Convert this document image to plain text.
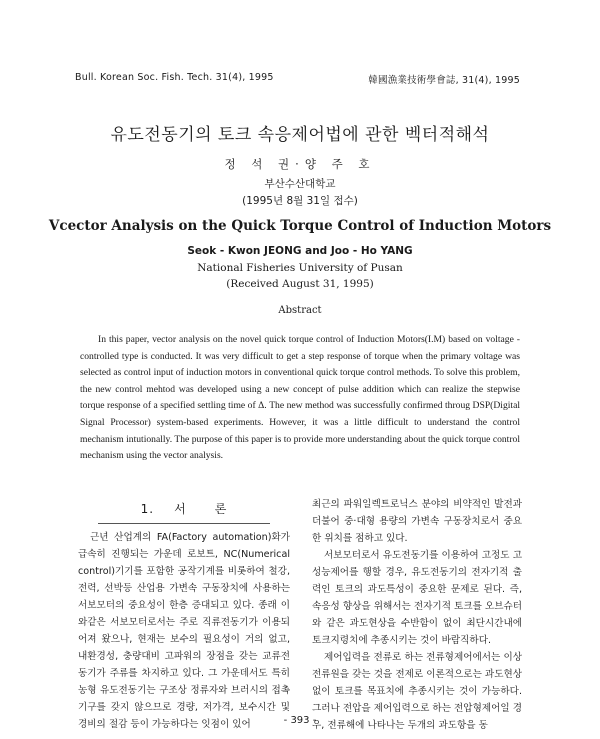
Bull. Korean Soc. Fish. Tech. 31(4), 1995	韓國漁業技術學會誌, 31(4), 1995
유도전동기의 토크 속응제어법에 관한 벡터적해석
정 석 권·양 주 호
부산수산대학교
(1995년 8월 31일 접수)
Vcector Analysis on the Quick Torque Control of Induction Motors
Seok - Kwon JEONG and Joo - Ho YANG
National Fisheries University of Pusan
(Received August 31, 1995)
Abstract
In this paper, vector analysis on the novel quick torque control of Induction Motors(I.M) based on voltage - controlled type is conducted. It was very difficult to get a step response of torque when the primary voltage was selected as control input of induction motors in conventional quick torque control methods. To solve this problem, the new control mehtod was developed using a new concept of pulse addition which can realize the stepwise torque response of a specified settling time of Δ. The new method was successfully confirmed throug DSP(Digital Signal Processor) system-based experiments. However, it was a little difficult to understand the control mechanism intutionally. The purpose of this paper is to provide more understanding about the quick torque control mechanism using the vector analysis.
1. 서 론

근년 산업계의 FA(Factory automation)화가 급속히 진행되는 가운데 로보트, NC(Numerical control)기기를 포함한 공작기계를 비롯하여 철강, 전력, 선박등 산업용 가변속 구동장치에 사용하는 서보모터의 중요성이 한층 증대되고 있다. 종래 이와같은 서보모터로서는 주로 직류전동기가 이용되어져 왔으나, 현재는 보수의 필요성이 거의 없고, 내환경성, 충량대비 고파워의 장점을 갖는 교류전동기가 주류를 차지하고 있다. 그 가운데서도 특히 농형 유도전동기는 구조상 정류자와 브러시의 접촉기구를 갖지 않으므로 경량, 저가격, 보수시간 및 경비의 절감 등이 가능하다는 잇점이 있어

최근의 파워일렉트로닉스 분야의 비약적인 발전과 더불어 중·대형 용량의 가변속 구동장치로서 중요한 위치를 점하고 있다.

서보모터로서 유도전동기를 이용하여 고정도 고성능제어를 행할 경우, 유도전동기의 전자기적 출력인 토크의 과도특성이 중요한 문제로 된다. 즉, 속응성 향상을 위해서는 전자기적 토크를 오브슈터와 같은 과도현상을 수반함이 없이 최단시간내에 토크지령치에 추종시키는 것이 바람직하다.

제어입력을 전류로 하는 전류형제어에서는 이상전류원을 갖는 것을 전제로 이론적으로는 과도현상없이 토크를 목표치에 추종시키는 것이 가능하다. 그러나 전압을 제어입력으로 하는 전압형제어일 경우, 전류해에 나타나는 두개의 과도항을 동

- 393 -
